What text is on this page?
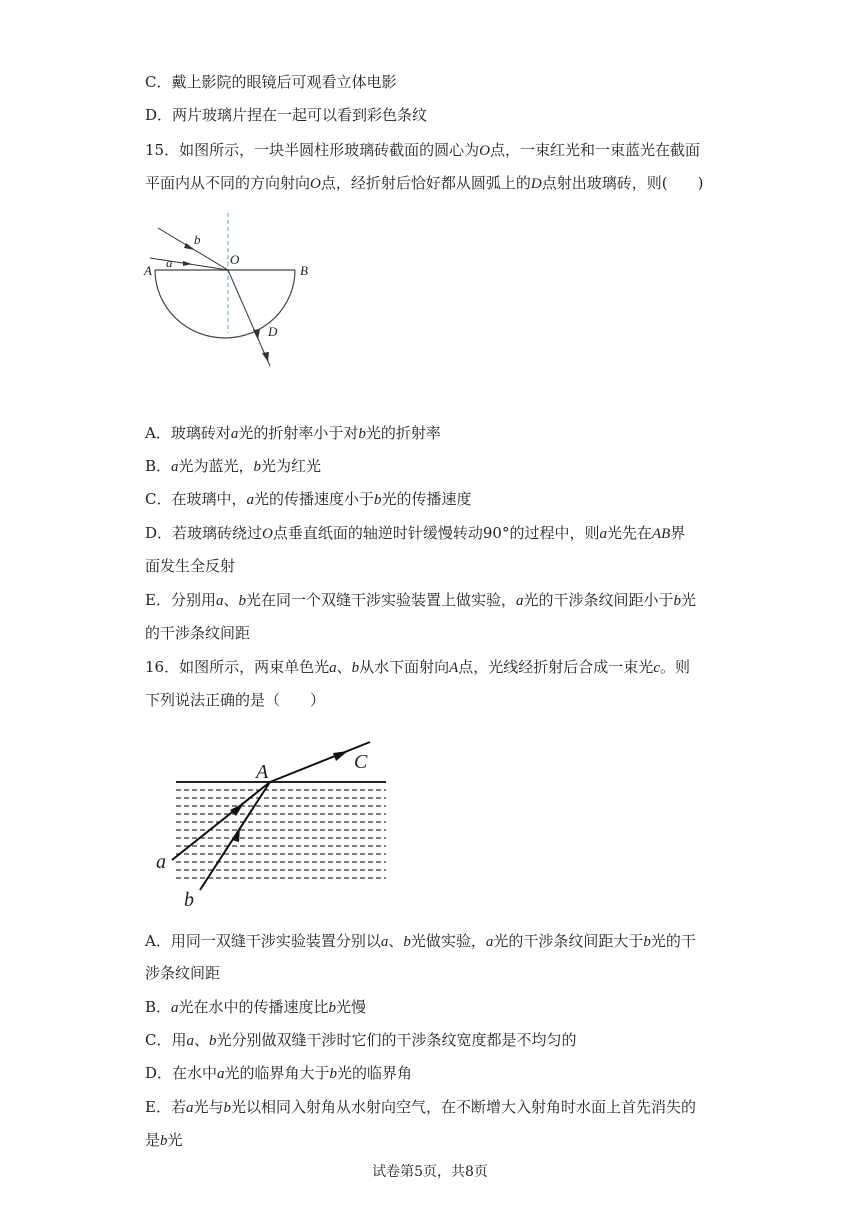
C．戴上影院的眼镜后可观看立体电影
D．两片玻璃片捏在一起可以看到彩色条纹
15．如图所示，一块半圆柱形玻璃砖截面的圆心为O点，一束红光和一束蓝光在截面
平面内从不同的方向射向O点，经折射后恰好都从圆弧上的D点射出玻璃砖，则(　　)
b
a	O
A	B
D
A．玻璃砖对a光的折射率小于对b光的折射率
B．a光为蓝光，b光为红光
C．在玻璃中，a光的传播速度小于b光的传播速度
D．若玻璃砖绕过O点垂直纸面的轴逆时针缓慢转动90°的过程中，则a光先在AB界
面发生全反射
E．分别用a、b光在同一个双缝干涉实验装置上做实验，a光的干涉条纹间距小于b光
的干涉条纹间距
16．如图所示，两束单色光a、b从水下面射向A点，光线经折射后合成一束光c。则
下列说法正确的是（　　）
A	C
a
b
A．用同一双缝干涉实验装置分别以a、b光做实验，a光的干涉条纹间距大于b光的干
涉条纹间距
B．a光在水中的传播速度比b光慢
C．用a、b光分别做双缝干涉时它们的干涉条纹宽度都是不均匀的
D．在水中a光的临界角大于b光的临界角
E．若a光与b光以相同入射角从水射向空气，在不断增大入射角时水面上首先消失的
是b光
试卷第5页，共8页
